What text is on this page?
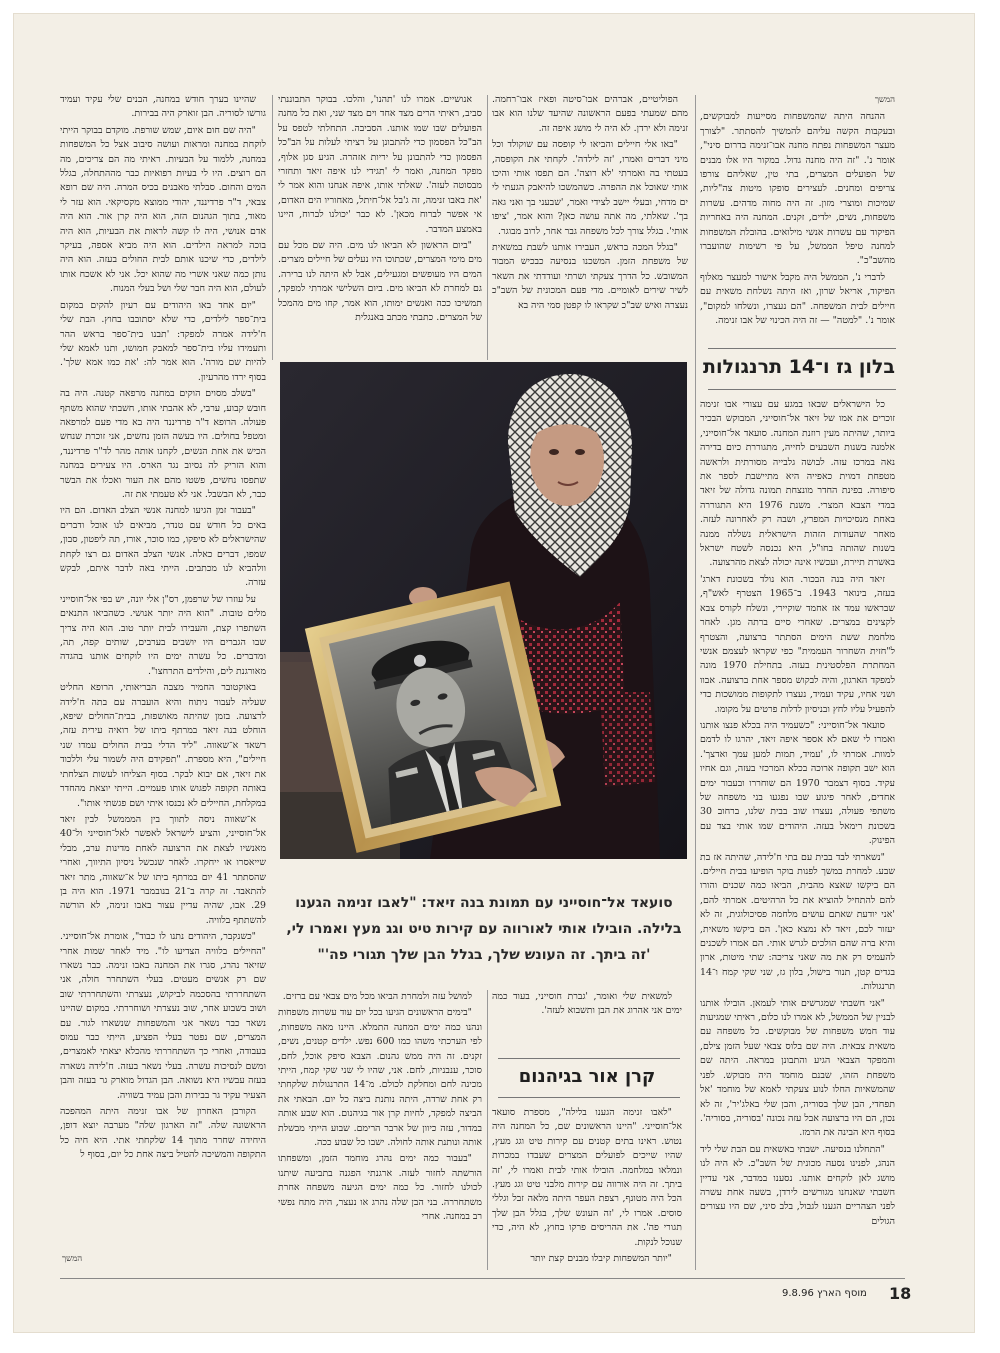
המשך

ההנחה היתה שהמשפחות מסייעות למבוקשים, ובעקבות הקשה עליהם להמשיך להסתתר. "לצורך מעצר המשפחות נפתח מחנה אבו־זנימה בדרום סיני", אומר נ'. "זה היה מחנה גדול. במקור היו אלו מבנים של הפועלים המצרים, בתי טין, שאליהם צורפו צריפים ומחנים. לעצירים סופקו מיטות צה"ליות, שמיכות ומוצרי מזון. זה היה מחוה מדהים. עשרות משפחות, נשים, ילדים, זקנים. המחנה היה באחריות הפיקוד עם עשרות אנשי מילואים. בהובלת המשפחות למחנה טיפל הממשל, על פי רשימות שהועברו מהשב"כ".

לדברי נ', הממשל היה מקבל אישור למעצר מאלוף הפיקוד, אריאל שרון, ואז היתה נשלחת משאית עם חיילים לבית המשפחה. "הם נעצרו, ונשלחו למקום", אומר נ'. "למטה" — זה היה הכינוי של אבו זנימה.

בלון גז ו־14 תרנגולות

כל הישראלים שבאו במגע עם עצורי אבו זנימה זוכרים את אמו של זיאד אל־חוסייני, המבוקש הבכיר ביותר, שהיתה מעין רוזנת המחנה. סועאד אל־חוסייני, אלמנה בשנות השבעים לחייה, מתגוררת כיום בדירה נאה במרכז עזה. לבושה גלבייה מסורתית ולראשה מטפחת דמוית כאפייה היא מתיישבת לספר את סיפורה. בפינת החדר מונצחת תמונה גדולה של זיאד במדי הצבא המצרי. משנת 1976 היא התגוררה באחת מנסיכויות המפרץ, ושבה רק לאחרונה לעזה. מאחר שהעודות הזהות הישראלית נשללה ממנה בשנות שהותה בחו"ל, היא נכנסה לשטח ישראל באשרת תיירת, ועכשיו אינה יכולה לצאת מהרצועה.

זיאד היה בנה הבכור. הוא נולד בשכונת דארג' בעזה, בינואר 1943. ב־1965 הצטרף לאש"ף, שבראשו עמד אז אחמד שוקיירי, ונשלח לקורס צבא לקצינים במצרים. שאחרי סיים ברתה מגן. לאחר מלחמת ששת הימים הסתתר ברצועה, והצטרף ל"חזית השחרור העממית" כפי שקראו לעצמם אנשי המחתרת הפלסטינית בעזה. בתחילת 1970 מונה למפקד הארגון, והיה לבקוש מספר אחת ברצועה. אבוו ושני אחיו, עקיד ועמיד, נעצרו לתקופות ממושכות כדי להפעיל עליו לחץ ובניסיון לדלות פרטים על מקומו.

סועאד אל־חוסייני: "כשעמיד היה בכלא פנצו אותנו ואמרו לי שאם לא אספר איפה זיאד, יהרגו לו לדמם למוות. אמרתי לו, 'עמיד, תמות למען עמך ואדצך'. הוא ישב תקופה ארוכה בכלא המרכזי בעזה, וגם אחיו עקיד. בסוף דצמבר 1970 הם שוחררו ובעבור ימים אחדים, לאחר פיגוע שבו נפגעו בני משפחה של משתפי פעולה, נעצרו שוב בבית שלנו, ברחוב 30 בשכונת רימאל בעזה. היהודים שמו אותי בצד עם הפינוק.

"נשארתי לבד בבית עם בתי ח'לידה, שהיתה אז בת שבע. למחרת במשך לפנות בוקר הופיעו בבית חיילים. הם ביקשו שאצא מהבית, הביאו כמה שכנים והורו להם להתחיל להוציא את כל הרהיטים. אמרתי להם, 'אני יודעת שאתם עושים מלחמה פסיכולוגית, זה לא יעזור לכם, זיאד לא נמצא כאן'. הם ביקשו משאית, והיא ברה שהם הולכים לגרש אותי. הם אמרו לשכנים להעמיס רק את מה שאני צריכה: שתי מיטות, ארון בגדים קטן, תנור בישול, בלון גז, שני שקי קמח ו־14 תרנגולות.

"אני חשבתי שמגרשים אותי לעמאן. הובילו אותנו לבניין של הממשל, לא אמרו לנו כלום, ראיתי שמגיעות עוד חמש משפחות של מבוקשים. כל משפחה עם משאית צבאית. היה שם בלוס צבאי שעל הזמן צילם, והמפקד הצבאי הגיע והתבונן במראה. היתה שם משפחת הזהו, שבנם מוחמד היה מבוקש. לפני שהמשאיות החלו לנוע צעקתי לאמא של מוחמד 'אל תפחדי, הבן שלך בסוריה, והבן שלי באלג'יר', זה לא נכון, הם היו ברצועה אבל עזה נכונה 'בסוריה, בסוריה'. בסוף היא הבינה את הרמז.

"התחלנו בנסיעה. ישבתי באשאית עם הבת שלי ליד הנהג, לפנינו נסעה מכונית של השב"כ. לא היה לנו מושג לאן לוקחים אותנו. נסענו במדבר, אני עדיין חשבתי שאנחנו מגורשים לירדן, בשעה אחת עשרה לפני הצהריים הגענו לגבול, בלב סיני, שם היו עצורים הגולים

הפוליטיים, אברהים אבו־סיטה ופאיז אבו־רחמה. מהם שמעתי בפעם הראשונה שהיעד שלנו הוא אבו זנימה ולא ירדן. לא היה לי מושג איפה זה.

"באו אלי חיילים והביאו לי קופסה עם שוקולד וכל מיני דברים ואמרו, 'זה לילדה'. לקחתי את הקופסה, בעטתי בה ואמרתי 'לא רוצה'. הם תפסו אותי והיכו אותי שאוכל את ההפרה. כשהמשכו להיאבק הגעתי לי ים מדחי, ובעלי יישב לצידי ואמר, 'שבעני בך ואני גאה בך'. שאלתי, מה אתה עושה כאן? והוא אמר, 'ציפו אותי'. בגלל צורך לכל משפחה גבר אחר, לרוב מבוגר.

"בגלל המכה בראש, העבירו אותנו לשבת במשאית של משפחת הזמן. המשכנו בנסיעה כבכיש המבוד המשובש. כל הדרך צעקתי ושרתי ועודדתי את השאר לשיר שירים לאומיים. מדי פעם המכונית של השב"כ נעצרה ואיש שב"כ שקראו לו קפטן סמי היה בא

אנושיים. אמרו לנו 'תהנו', והלכו. בבוקר התבוננתי סביב, ראיתי הרים מצד אחד וים מצד שני, ואת כל מחנה הפועלים שבו שמו אותנו. הסביבה. התחלתי לטפס על הב"כל הפסמון כדי להתבונן על רציתי לעלות על הב"כל הפסמון כדי להתבונן על יריות אזהרה. הגיע סגן אלוף, מפקד המחנה, ואמר לי 'תגידי לנו איפה זיאד ותחזרי מבסוטה לעזה'. שאלתי אותו, איפה אנחנו והוא אמר לי 'את באבו זנימה, זה ג'בל אל־חיתל, מאחוריו הים האדום, אי אפשר לברוח מכאן'. לא כבר 'יכולנו לברוח, היינו באמצע המדבר.

"ביום הראשון לא הביאו לנו מים. היה שם מכל עם מים מימי המצרים, שכתוכו היו נעלים של חיילים מצרים. המים היו מעופשים ומגעילים, אבל לא היתה לנו ברירה. גם למחרת לא הביאו מים. ביום השלישי אמרתי למפקד, תמשיכו ככה ואנשים ימותו, הוא אמר, קחו מים מהמכל של המצרים. כתבתי מכתב באנגלית

שהיינו בערך חודש במחנה, הבנים שלי עקיד ועמיד גורשו לסוריה. הבן זוארק היה בבירות.

"היה שם חום איום, שמש שורפת. מוקדם בבוקר הייתי לוקחת במחנה ומראות ועושה סיבוב אצל כל המשפחות במחנה, ללמוד על הבעיות. ראיתי מה הם צריכים, מה הם רוצים. היו לי בעיות רפואיות כבר מההתחלה, בגלל המים והחום. סבלתי מאבנים בכיס המרה. היה שם רופא צבאי, ד"ר פרדיננד, יהודי ממוצא מקסיקאי. הוא עזר לי מאוד, בתוך הגהנום הזה, הוא היה קרן אור. הוא היה אדם אנושי, היה לו קשה לראות את הבעיות, הוא היה בוכה למראה הילדים. הוא היה מביא אספה, בעיקר לילדים, כדי שיכנו אותם לבית החולים בעזה. הוא היה נותן כמה שאני אשרי מה שהוא יכל. אני לא אשכח אותו לעולם, הוא היה חבר שלי ושל בעלי המנוח.

"יום אחד באו היהודים עם רעיון להקים במקום בית־ספר לילדים, כדי שלא יסתובבו בחוץ. הבת שלי ח'לידה אמרה למפקד: 'תבנו בית־ספר בראש ההר ותעמידו עליו בית־ספר למאבק חמושו, ותנו לאמא שלי להיות שם מורה'. הוא אמר לה: 'את כמו אמא שלך'. בסוף ירדו מהרעיון.

"בשלב מסוים הוקים במחנה מרפאה קטנה. היה בה חובש קבוע, ערבי, לא אהבתי אותו, חשבתי שהוא משתף פעולה. הרופא ד"ר פרדיננד היה בא מדי פעם למרפאה ומטפל בחולים. היו בעשה הזמן נחשים, אני זוכרת שנחש הכיש את אחת הנשים, לקחנו אותה מהר לד"ר פרדיננד, והוא הזריק לה נסיוב נגד הארס. היו צעירים במחנה שתפסו נחשים, פשטו מהם את העור ואכלו את הבשר כבר, לא הבשבל. אני לא טעמתי את זה.

"בעבור זמן הגיעו למחנה אנשי הצלב האדום. הם היו באים כל חודש עם טנדר, מביאים לנו אוכל ודברים שהישראלים לא סיפקו, כמו סוכר, אורז, תה ליפטון, סבון, שמפו, דברים כאלה. אנשי הצלב האדום גם רצו לקחת וולהביא לנו מכתבים. הייתי באה לדבר איתם, לבקש עזרה.

על עוזרו של שרפמן, רס"ן אלי יונה, יש בפי אל־חוסייני מלים טובות. "הוא היה יותר אנושי. כשהביאו התנאים השתפרו קצת, והעבירו לבית יותר טוב. הוא היה צריך שבו הגברים היו יושבים בערבים, שותים קפה, תה, ומדברים. כל עשרה ימים היו לוקחים אותנו בהגדה מאורגנת לים, והילדים התרחצו".

באוקטובר החמיר מצבה הבריאותי, הרופא החליט שעליה לעבור ניתוח והיא הועברה עם בתה ח'לידה לרצועה. בזמן שהיתה מאושפזת, בבית־החולים שיפא, הוחלט בנה זיאד במרתף ביתו של רואיה עירית עזה, רשאד א־שאווה. "ליד הדלי בבית החולים עמדו שני חיילים", היא מספרת. "תפקידם היה לשמור עלי וללכוד את זיאד, אם יבוא לבקר. בסוף הצליחו לעשות הצלחתי באותה תקופה לפגוש אותו פעמיים. הייתי יוצאת מהחדר במקלחת, החיילים לא נכנסו איתי ושם פגשתי אותו".

א־שאווה ניסה לתווך בין המממשל לבין זיאד אל־חוסייני, והציע לישראל לאפשר לאל־חוסייני ול־40 מאנשיו לצאת את הרצועה לאחת מדינות ערב, מבלי שייאסרו או ייחקרו. לאחר שנכשל ניסיון התיווך, ואחרי שהסתתר 41 יום במרתף ביתו של א־שאווה, מתר זיאד להתאבד. זה קרה ב־21 בנובמבר 1971. הוא היה בן 29. אבו, שהיה עדיין עצור באבו זנימה, לא הורשה להשתתף בלוויה.

"כשנקבר, היהודים נתנו לו כבוד", אומרת אל־חוסייני. "החיילים בלוויה הצדיעו לו". מיד לאחר שמות אחרי שזיאד נהרג, סגרו את המחנה באבו זנימה. כבר נשארו שם רק אנשים מעטים. בעלי השתחרר חולה, אני השתחררתי בהסכמה לביקוש, נעצרתי והשתחררתי שוב ושוב בשבוע אחר, שוב נעצרתי ושוחררתי. במקום שהיינו נשאר כבר נשאר אני והמשפחות שנשארו לגור. עם המצרים, שם נפטר בעלי הפציע, הייתי כבר עמוס בעבודה, ואחרי כך השתחררתי מהכלא יצאתי לאמצרים, ומשם לנסיכות עשרה. בעלי נשאר בעזה. ח'לידה נשארה בעזה עבשיו היא נשואה. הבן הגדול מוארק גר בעזה והבן הצעיר עקיד גר בבירות והבן עמיד בשוויה.

הקורבן האחרון של אבו זנימה היתה המהפכה הראשונה שלה. "זה הארגון שלה" מערבה יוצא דופן, היחידה שחרר מתוך 14 שלקחתי אתי. היא חיה כל התקופה והמשיכה להטיל ביצה אחת כל יום, בסוף ל

המשך
סועאד אל־חוסייני עם תמונת בנה זיאד: "לאבו זנימה הגענו בלילה. הובילו אותי לאורווה עם קירות טיט וגג מעץ ואמרו לי, 'זה ביתך. זה העונש שלך, בגלל הבן שלך תגורי פה'"

למשאית שלי ואומר, 'גברת חוסייני, בעוד כמה ימים אני אהרוג את הבן ותשבוא לעזה'.

קרן אור בגיהנום

"לאבו זנימה הגענו בלילה", מספרת סועאד אל־חוסייני. "היינו הראשונים שם, כל המחנה היה נטוש. ראינו בתים קטנים עם קירות טיט וגג מעץ, שהיו שייכים לפועלים המצרים שעבדו במכרות ונמלאו במלחמה. הובילו אותי לבית ואמרו לי, 'זה ביתך. זה היה אורווה עם קירות מלבני טיט וגג מעץ. הכל היה מטונף, רצפת העפר היתה מלאה זבל וגללי סוסים. אמרו לי, 'זה העונש שלך, בגלל הבן שלך תגורי פה'. את ההריסים פרקו בחוץ, לא היה, כדי שנוכל לנקות.

"יותר המשפחות קיבלו מבנים קצת יותר

למושל עזה ולמחרת הביאו מכל מים צבאי עם ברזים.

"בימים הראשונים הגיעו בכל יום עוד עשרות משפחות ונהנו כמה ימים המחנה התמלא. היינו מאה משפחות, לפי הערכתי משהו כמו 600 נפש. ילדים קטנים, נשים, זקנים. זה היה ממש גהנום. הצבא סיפק אוכל, לחם, סוכר, ענבניות, לחם. אני, שהיו לי שני שקי קמח, הייתי מכינה לחם ומחלקת לכולם. מ־14 התרנגולות שלקחתי רק אחת שרדה, היתה נותנת ביצה כל יום. הבאתי את הביצה למפקד, לחיות קרן אור בגיהנום. הוא שבע אותה במדור, עזה כיוון של ארבר הרימם. שבוע הייתי מבשלת אותה ונותנת אותה לחולה. ישבו כל שבוע ככה.

"בעבור כמה ימים נהרג מוחמד הזמן, ומשפחתו הורשתה לחזור לעזה. ארגנתי הפגנה בתביעה שיתנו לכולנו לחזור. כל כמה ימים הגיעה משפחה אחרת משתחררה. בני הבן שלה נהרג או נעצר, היה מתח נפשי רב במחנה. אחרי

18
מוסף הארץ 9.8.96
